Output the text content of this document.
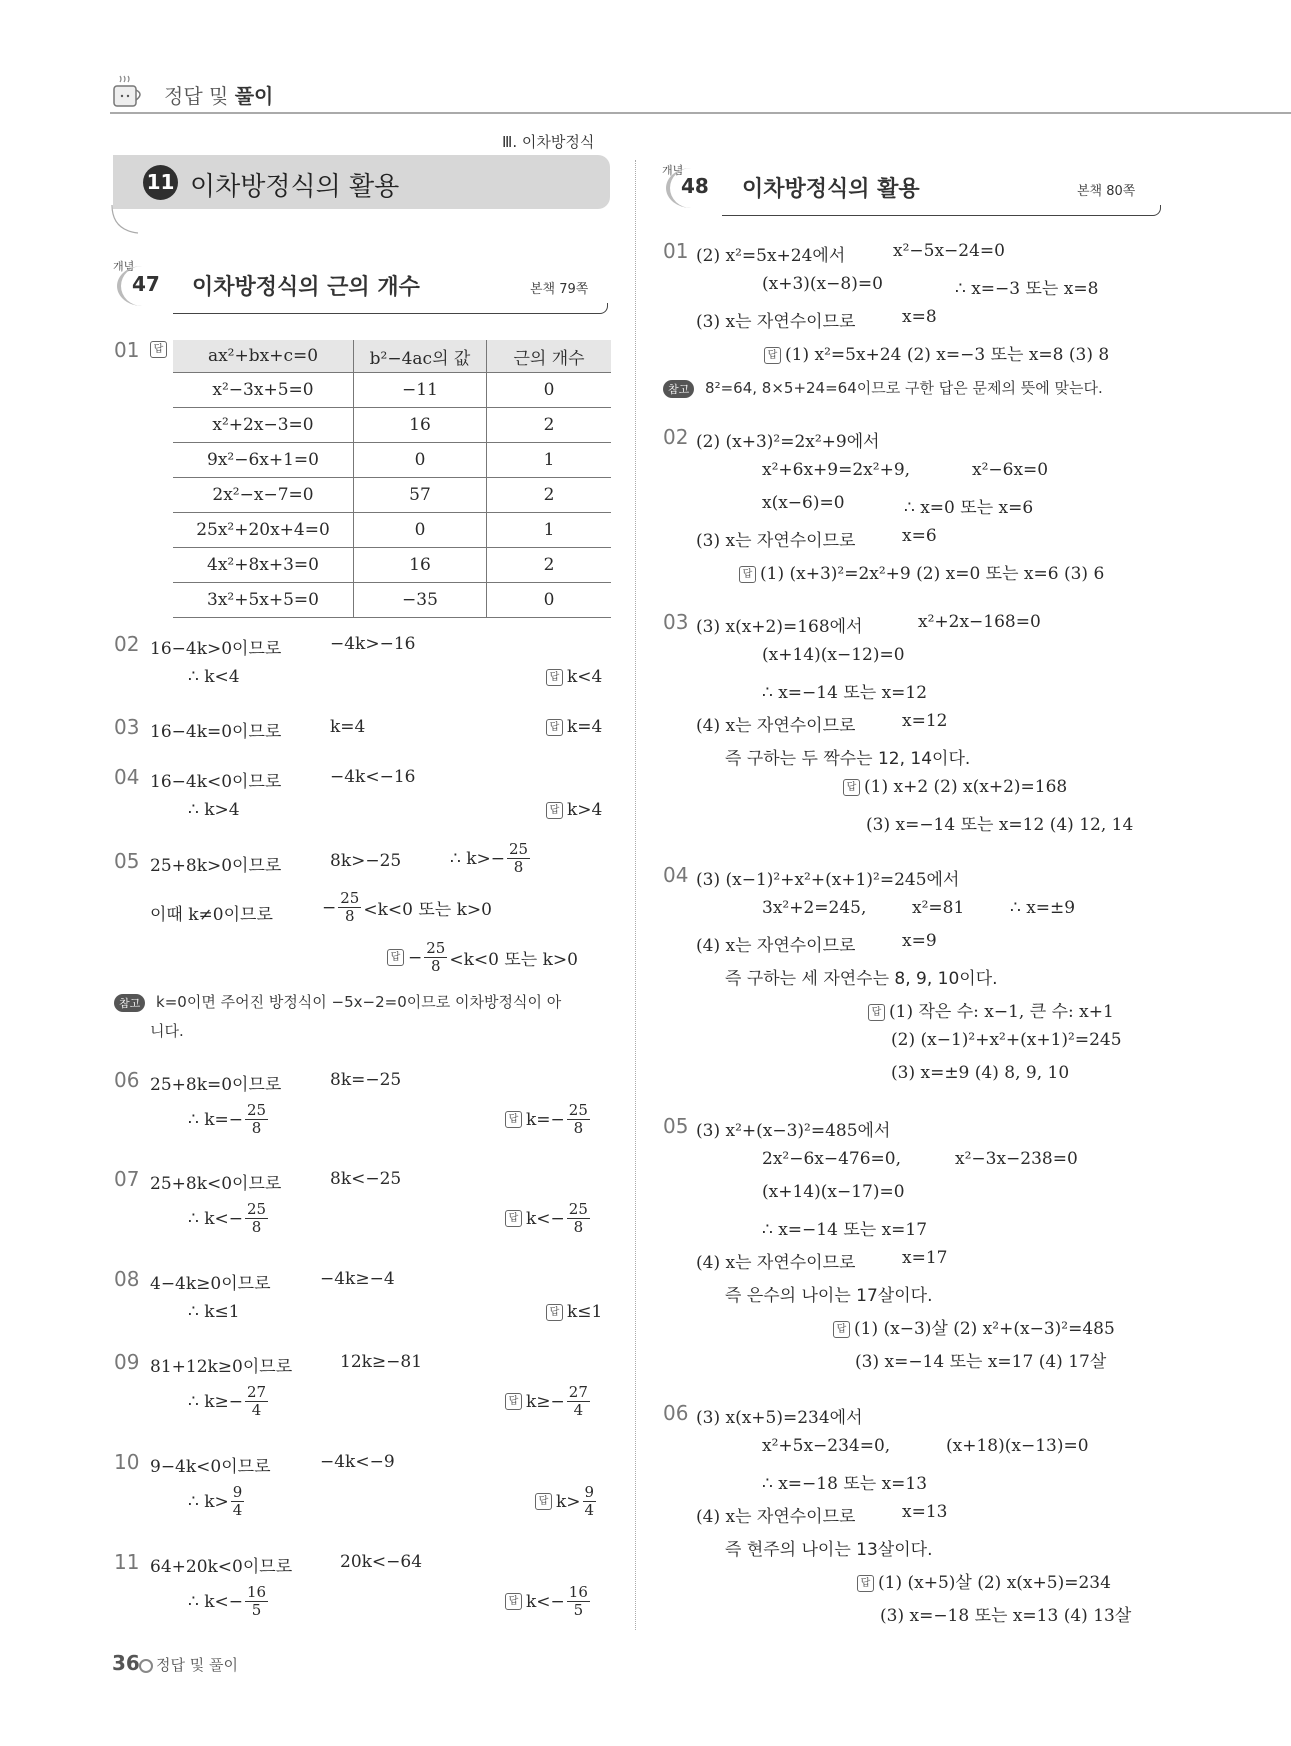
정답 및 풀이
Ⅲ. 이차방정식
11 이차방정식의 활용
개념
47 이차방정식의 근의 개수	본책 79쪽
01	답	ax²+bx+c=0	b²−4ac의 값	근의 개수
x²−3x+5=0	−11	0
x²+2x−3=0	16	2
9x²−6x+1=0	0	1
2x²−x−7=0	57	2
25x²+20x+4=0	0	1
4x²+8x+3=0	16	2
3x²+5x+5=0	−35	0
02 16−4k>0이므로	−4k>−16
∴ k<4	답 k<4
03 16−4k=0이므로	k=4	답 k=4
04 16−4k<0이므로	−4k<−16
∴ k>4	답 k>4
05 25+8k>0이므로	8k>−25	∴ $k>- \frac{25}{8}$
이때 k≠0이므로	− $\frac{25}{8} <k<0$ 또는 k>0
답 − $\frac{25}{8} <k<0$ 또는 k>0
참고 k=0이면 주어진 방정식이 −5x−2=0이므로 이차방정식이 아
니다.
06 25+8k=0이므로	8k=−25
∴ $k=- \frac{25}{8}$	답 $k=- \frac{25}{8}$
07 25+8k<0이므로	8k<−25
∴ $k<- \frac{25}{8}$	답 $k<- \frac{25}{8}$
08 4−4k≥0이므로	−4k≥−4
∴ k≤1	답 k≤1
09 81+12k≥0이므로	12k≥−81
∴ $k\ge- \frac{27}{4}$	답 $k\ge- \frac{27}{4}$
10 9−4k<0이므로	−4k<−9
∴ k> 9
4	답 k> 9
4
11 64+20k<0이므로	20k<−64
∴ $k<- \frac{16}{5}$	답 $k<- \frac{16}{5}$
개념
48 이차방정식의 활용	본책 80쪽
01 (2) x²=5x+24에서	x²−5x−24=0
(x+3)(x−8)=0	∴ x=−3 또는 x=8
(3) x는 자연수이므로	x=8
답 (1) x²=5x+24 (2) x=−3 또는 x=8 (3) 8
참고 8²=64, 8×5+24=64이므로 구한 답은 문제의 뜻에 맞는다.
02 (2) (x+3)²=2x²+9에서
x²+6x+9=2x²+9,	x²−6x=0
x(x−6)=0	∴ x=0 또는 x=6
(3) x는 자연수이므로	x=6
답 (1) (x+3)²=2x²+9 (2) x=0 또는 x=6 (3) 6
03 (3) x(x+2)=168에서	x²+2x−168=0
(x+14)(x−12)=0
∴ x=−14 또는 x=12
(4) x는 자연수이므로	x=12
즉 구하는 두 짝수는 12, 14이다.
답 (1) x+2 (2) x(x+2)=168
(3) x=−14 또는 x=12 (4) 12, 14
04 (3) (x−1)²+x²+(x+1)²=245에서
3x²+2=245,	x²=81	∴ x=±9
(4) x는 자연수이므로	x=9
즉 구하는 세 자연수는 8, 9, 10이다.
답 (1) 작은 수: x−1, 큰 수: x+1
(2) (x−1)²+x²+(x+1)²=245
(3) x=±9 (4) 8, 9, 10
05 (3) x²+(x−3)²=485에서
2x²−6x−476=0,	x²−3x−238=0
(x+14)(x−17)=0
∴ x=−14 또는 x=17
(4) x는 자연수이므로	x=17
즉 은수의 나이는 17살이다.
답 (1) (x−3)살 (2) x²+(x−3)²=485
(3) x=−14 또는 x=17 (4) 17살
06 (3) x(x+5)=234에서
x²+5x−234=0,	(x+18)(x−13)=0
∴ x=−18 또는 x=13
(4) x는 자연수이므로	x=13
즉 현주의 나이는 13살이다.
답 (1) (x+5)살 (2) x(x+5)=234
(3) x=−18 또는 x=13 (4) 13살
36 정답 및 풀이
